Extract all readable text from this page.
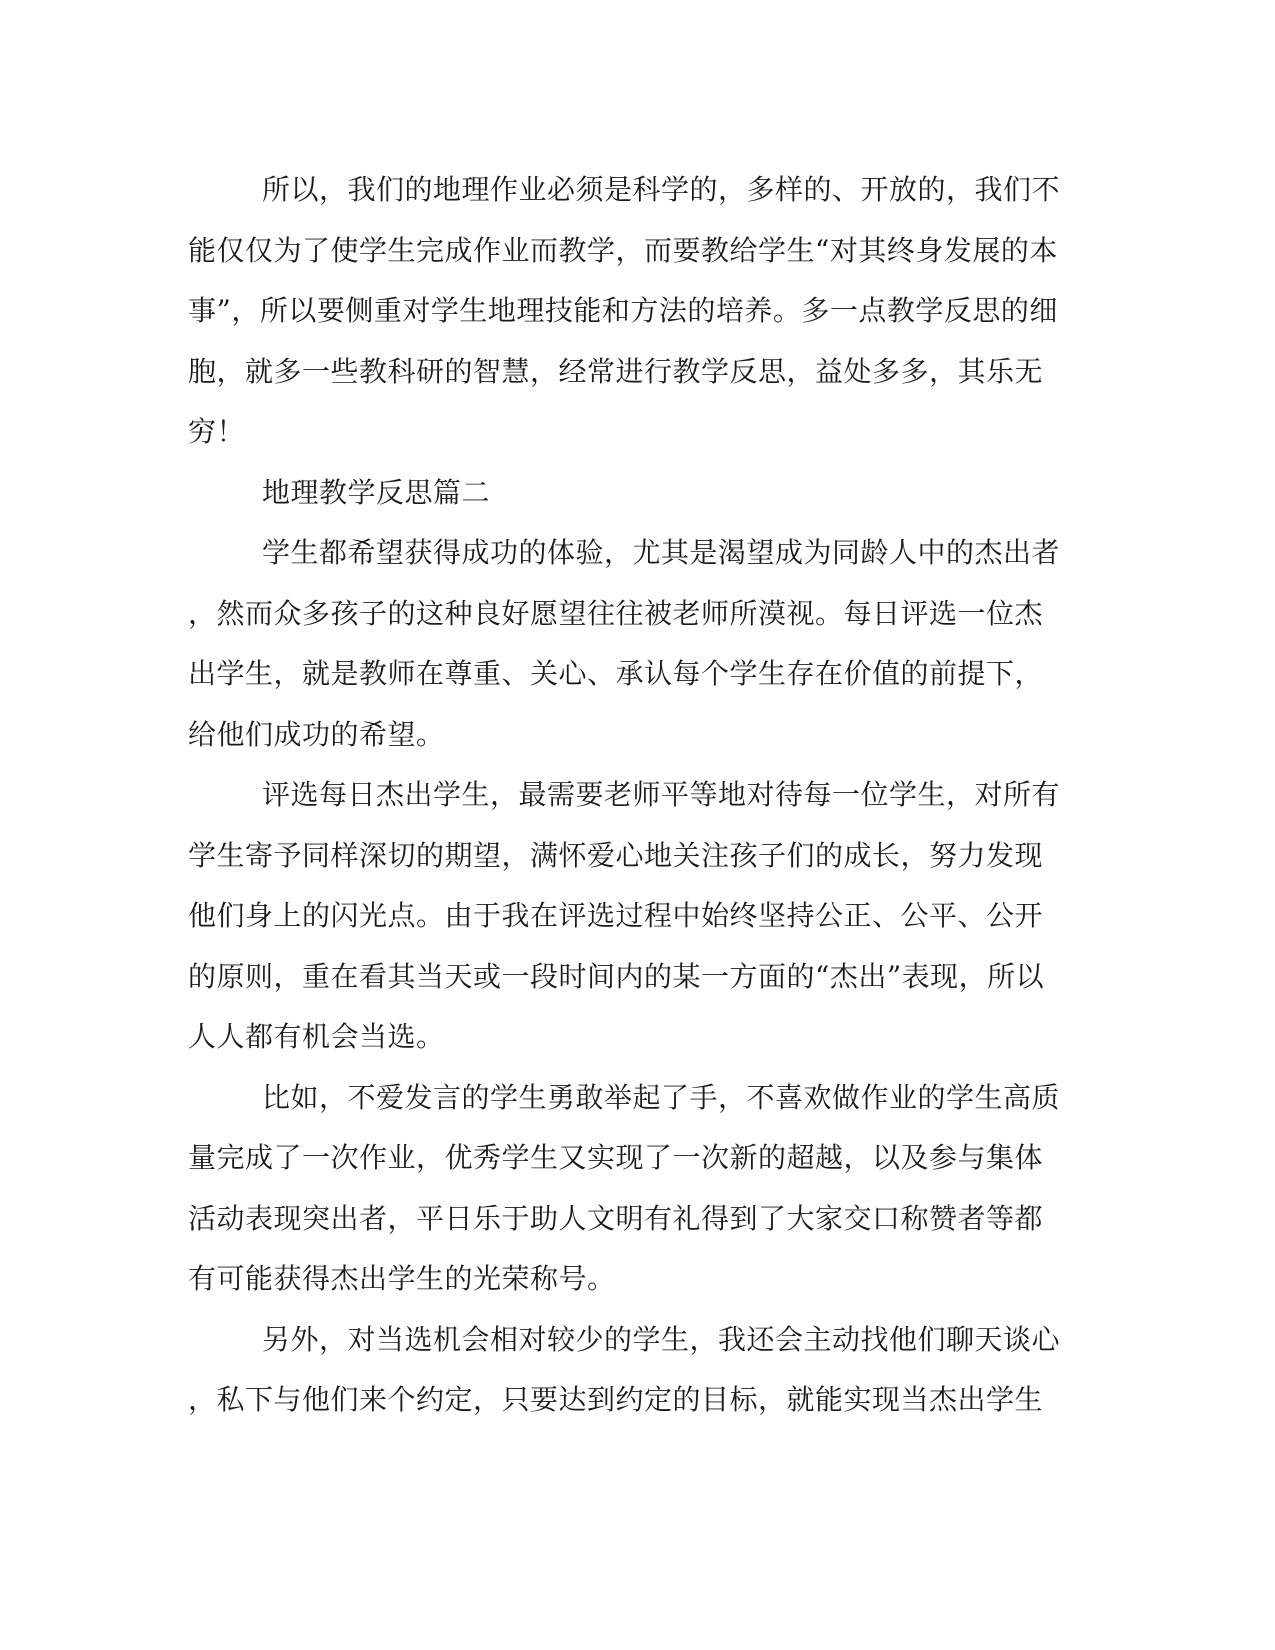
所以，我们的地理作业必须是科学的，多样的、开放的，我们不
能仅仅为了使学生完成作业而教学，而要教给学生“对其终身发展的本
事”，所以要侧重对学生地理技能和方法的培养。多一点教学反思的细
胞，就多一些教科研的智慧，经常进行教学反思，益处多多，其乐无
穷！
地理教学反思篇二
学生都希望获得成功的体验，尤其是渴望成为同龄人中的杰出者
，然而众多孩子的这种良好愿望往往被老师所漠视。每日评选一位杰
出学生，就是教师在尊重、关心、承认每个学生存在价值的前提下，
给他们成功的希望。
评选每日杰出学生，最需要老师平等地对待每一位学生，对所有
学生寄予同样深切的期望，满怀爱心地关注孩子们的成长，努力发现
他们身上的闪光点。由于我在评选过程中始终坚持公正、公平、公开
的原则，重在看其当天或一段时间内的某一方面的“杰出”表现，所以
人人都有机会当选。
比如，不爱发言的学生勇敢举起了手，不喜欢做作业的学生高质
量完成了一次作业，优秀学生又实现了一次新的超越，以及参与集体
活动表现突出者，平日乐于助人文明有礼得到了大家交口称赞者等都
有可能获得杰出学生的光荣称号。
另外，对当选机会相对较少的学生，我还会主动找他们聊天谈心
，私下与他们来个约定，只要达到约定的目标，就能实现当杰出学生
